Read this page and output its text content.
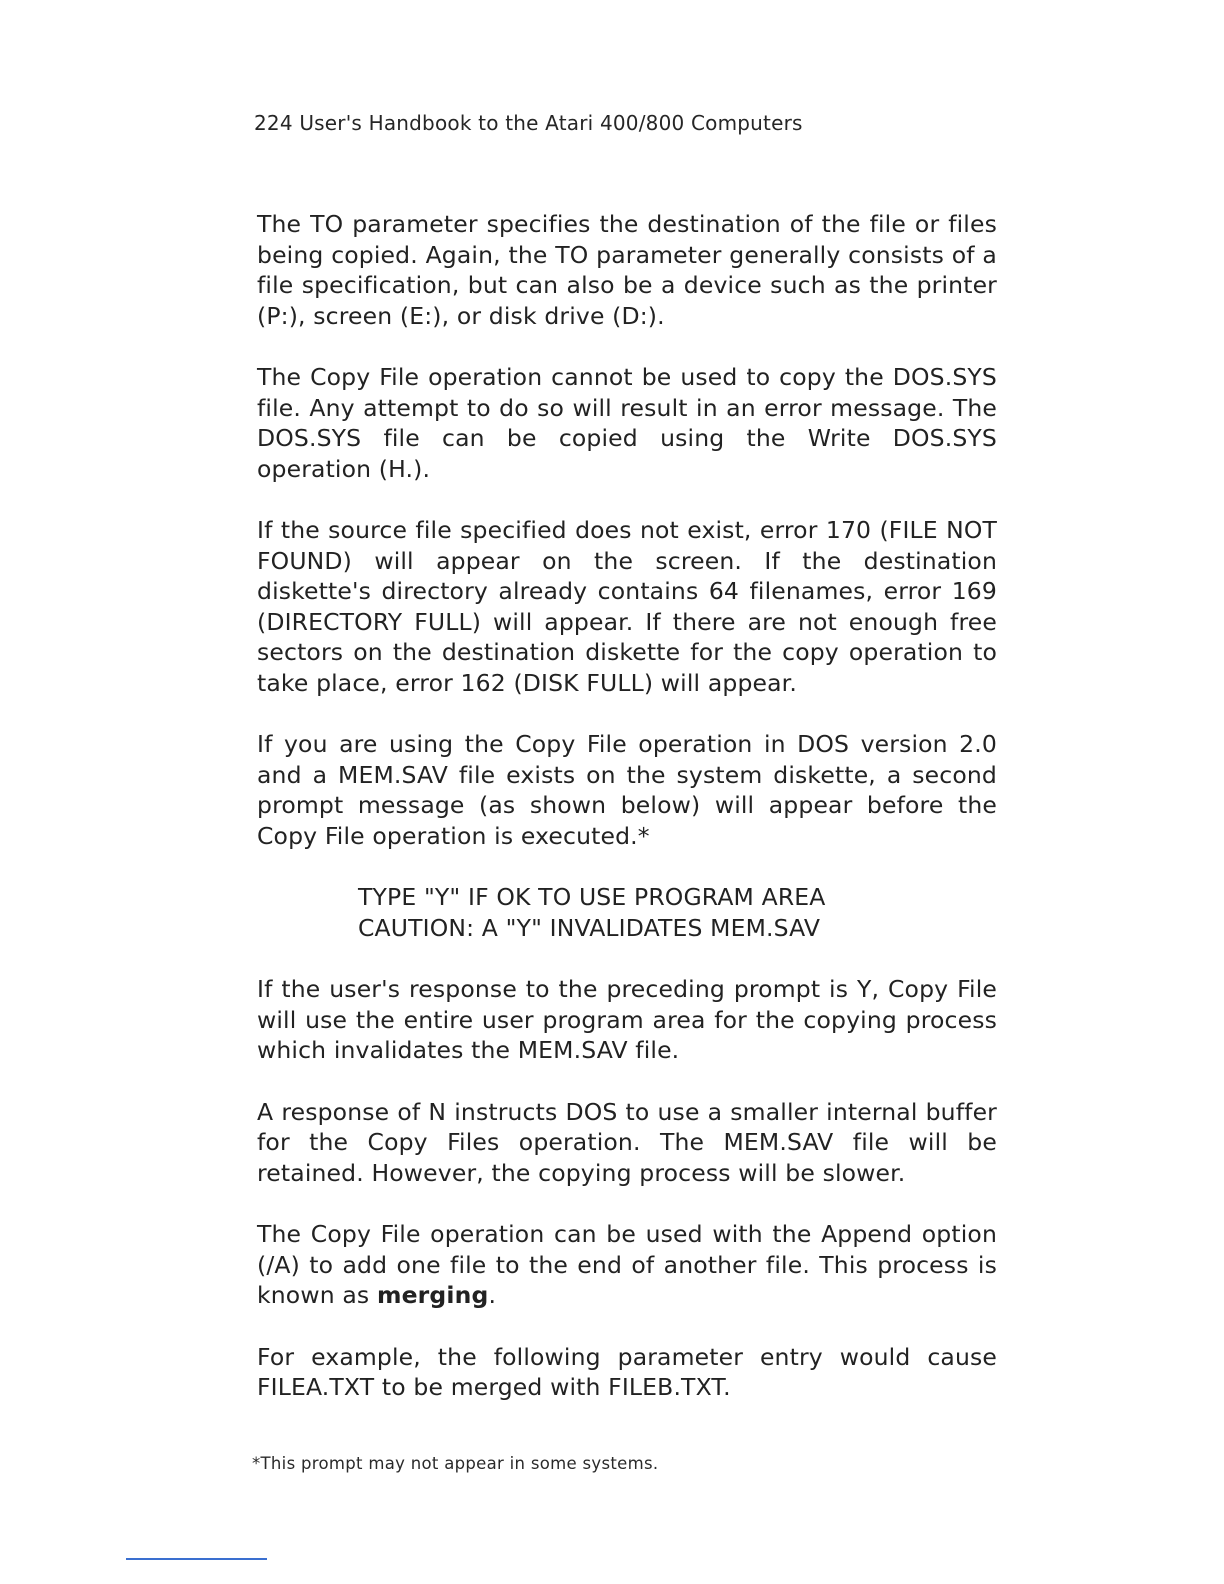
224 User's Handbook to the Atari 400/800 Computers

The TO parameter specifies the destination of the file or files being copied. Again, the TO parameter generally consists of a file specification, but can also be a device such as the printer (P:), screen (E:), or disk drive (D:).

The Copy File operation cannot be used to copy the DOS.SYS file. Any attempt to do so will result in an error message. The DOS.SYS file can be copied using the Write DOS.SYS operation (H.).

If the source file specified does not exist, error 170 (FILE NOT FOUND) will appear on the screen. If the destination diskette's directory already contains 64 filenames, error 169 (DIRECTORY FULL) will appear. If there are not enough free sectors on the destination diskette for the copy operation to take place, error 162 (DISK FULL) will appear.

If you are using the Copy File operation in DOS version 2.0 and a MEM.SAV file exists on the system diskette, a second prompt message (as shown below) will appear before the Copy File operation is executed.*

TYPE "Y" IF OK TO USE PROGRAM AREA
CAUTION: A "Y" INVALIDATES MEM.SAV

If the user's response to the preceding prompt is Y, Copy File will use the entire user program area for the copying process which invalidates the MEM.SAV file.

A response of N instructs DOS to use a smaller internal buffer for the Copy Files operation. The MEM.SAV file will be retained. However, the copying process will be slower.

The Copy File operation can be used with the Append option (/A) to add one file to the end of another file. This process is known as merging.

For example, the following parameter entry would cause FILEA.TXT to be merged with FILEB.TXT.

*This prompt may not appear in some systems.
